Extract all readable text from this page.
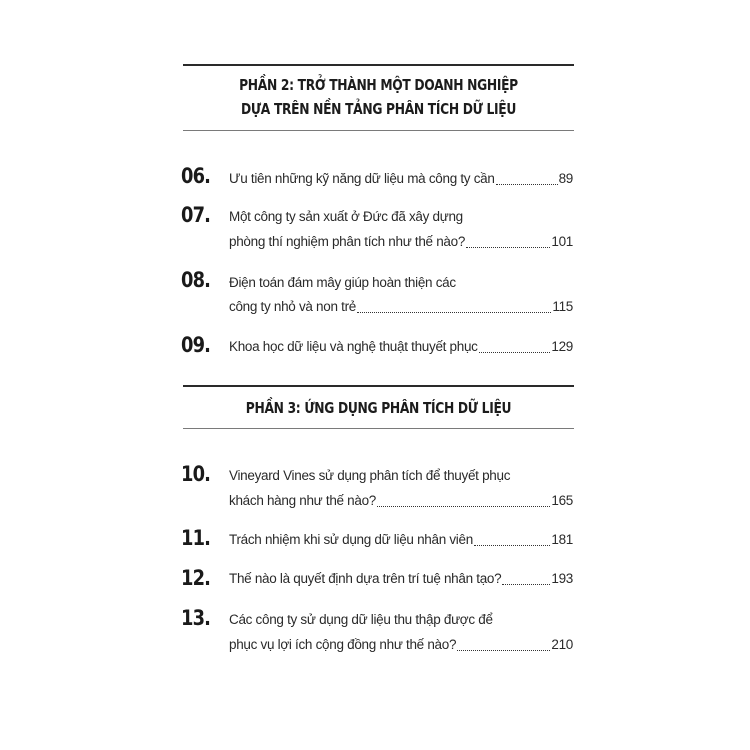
PHẦN 2: TRỞ THÀNH MỘT DOANH NGHIỆP
DỰA TRÊN NỀN TẢNG PHÂN TÍCH DỮ LIỆU
06. Ưu tiên những kỹ năng dữ liệu mà công ty cần	89
07. Một công ty sản xuất ở Đức đã xây dựng
phòng thí nghiệm phân tích như thế nào?	101
08. Điện toán đám mây giúp hoàn thiện các
công ty nhỏ và non trẻ	115
09. Khoa học dữ liệu và nghệ thuật thuyết phục	129
PHẦN 3: ỨNG DỤNG PHÂN TÍCH DỮ LIỆU
10. Vineyard Vines sử dụng phân tích để thuyết phục
khách hàng như thế nào?	165
11. Trách nhiệm khi sử dụng dữ liệu nhân viên	181
12. Thế nào là quyết định dựa trên trí tuệ nhân tạo?	193
13. Các công ty sử dụng dữ liệu thu thập được để
phục vụ lợi ích cộng đồng như thế nào?	210
